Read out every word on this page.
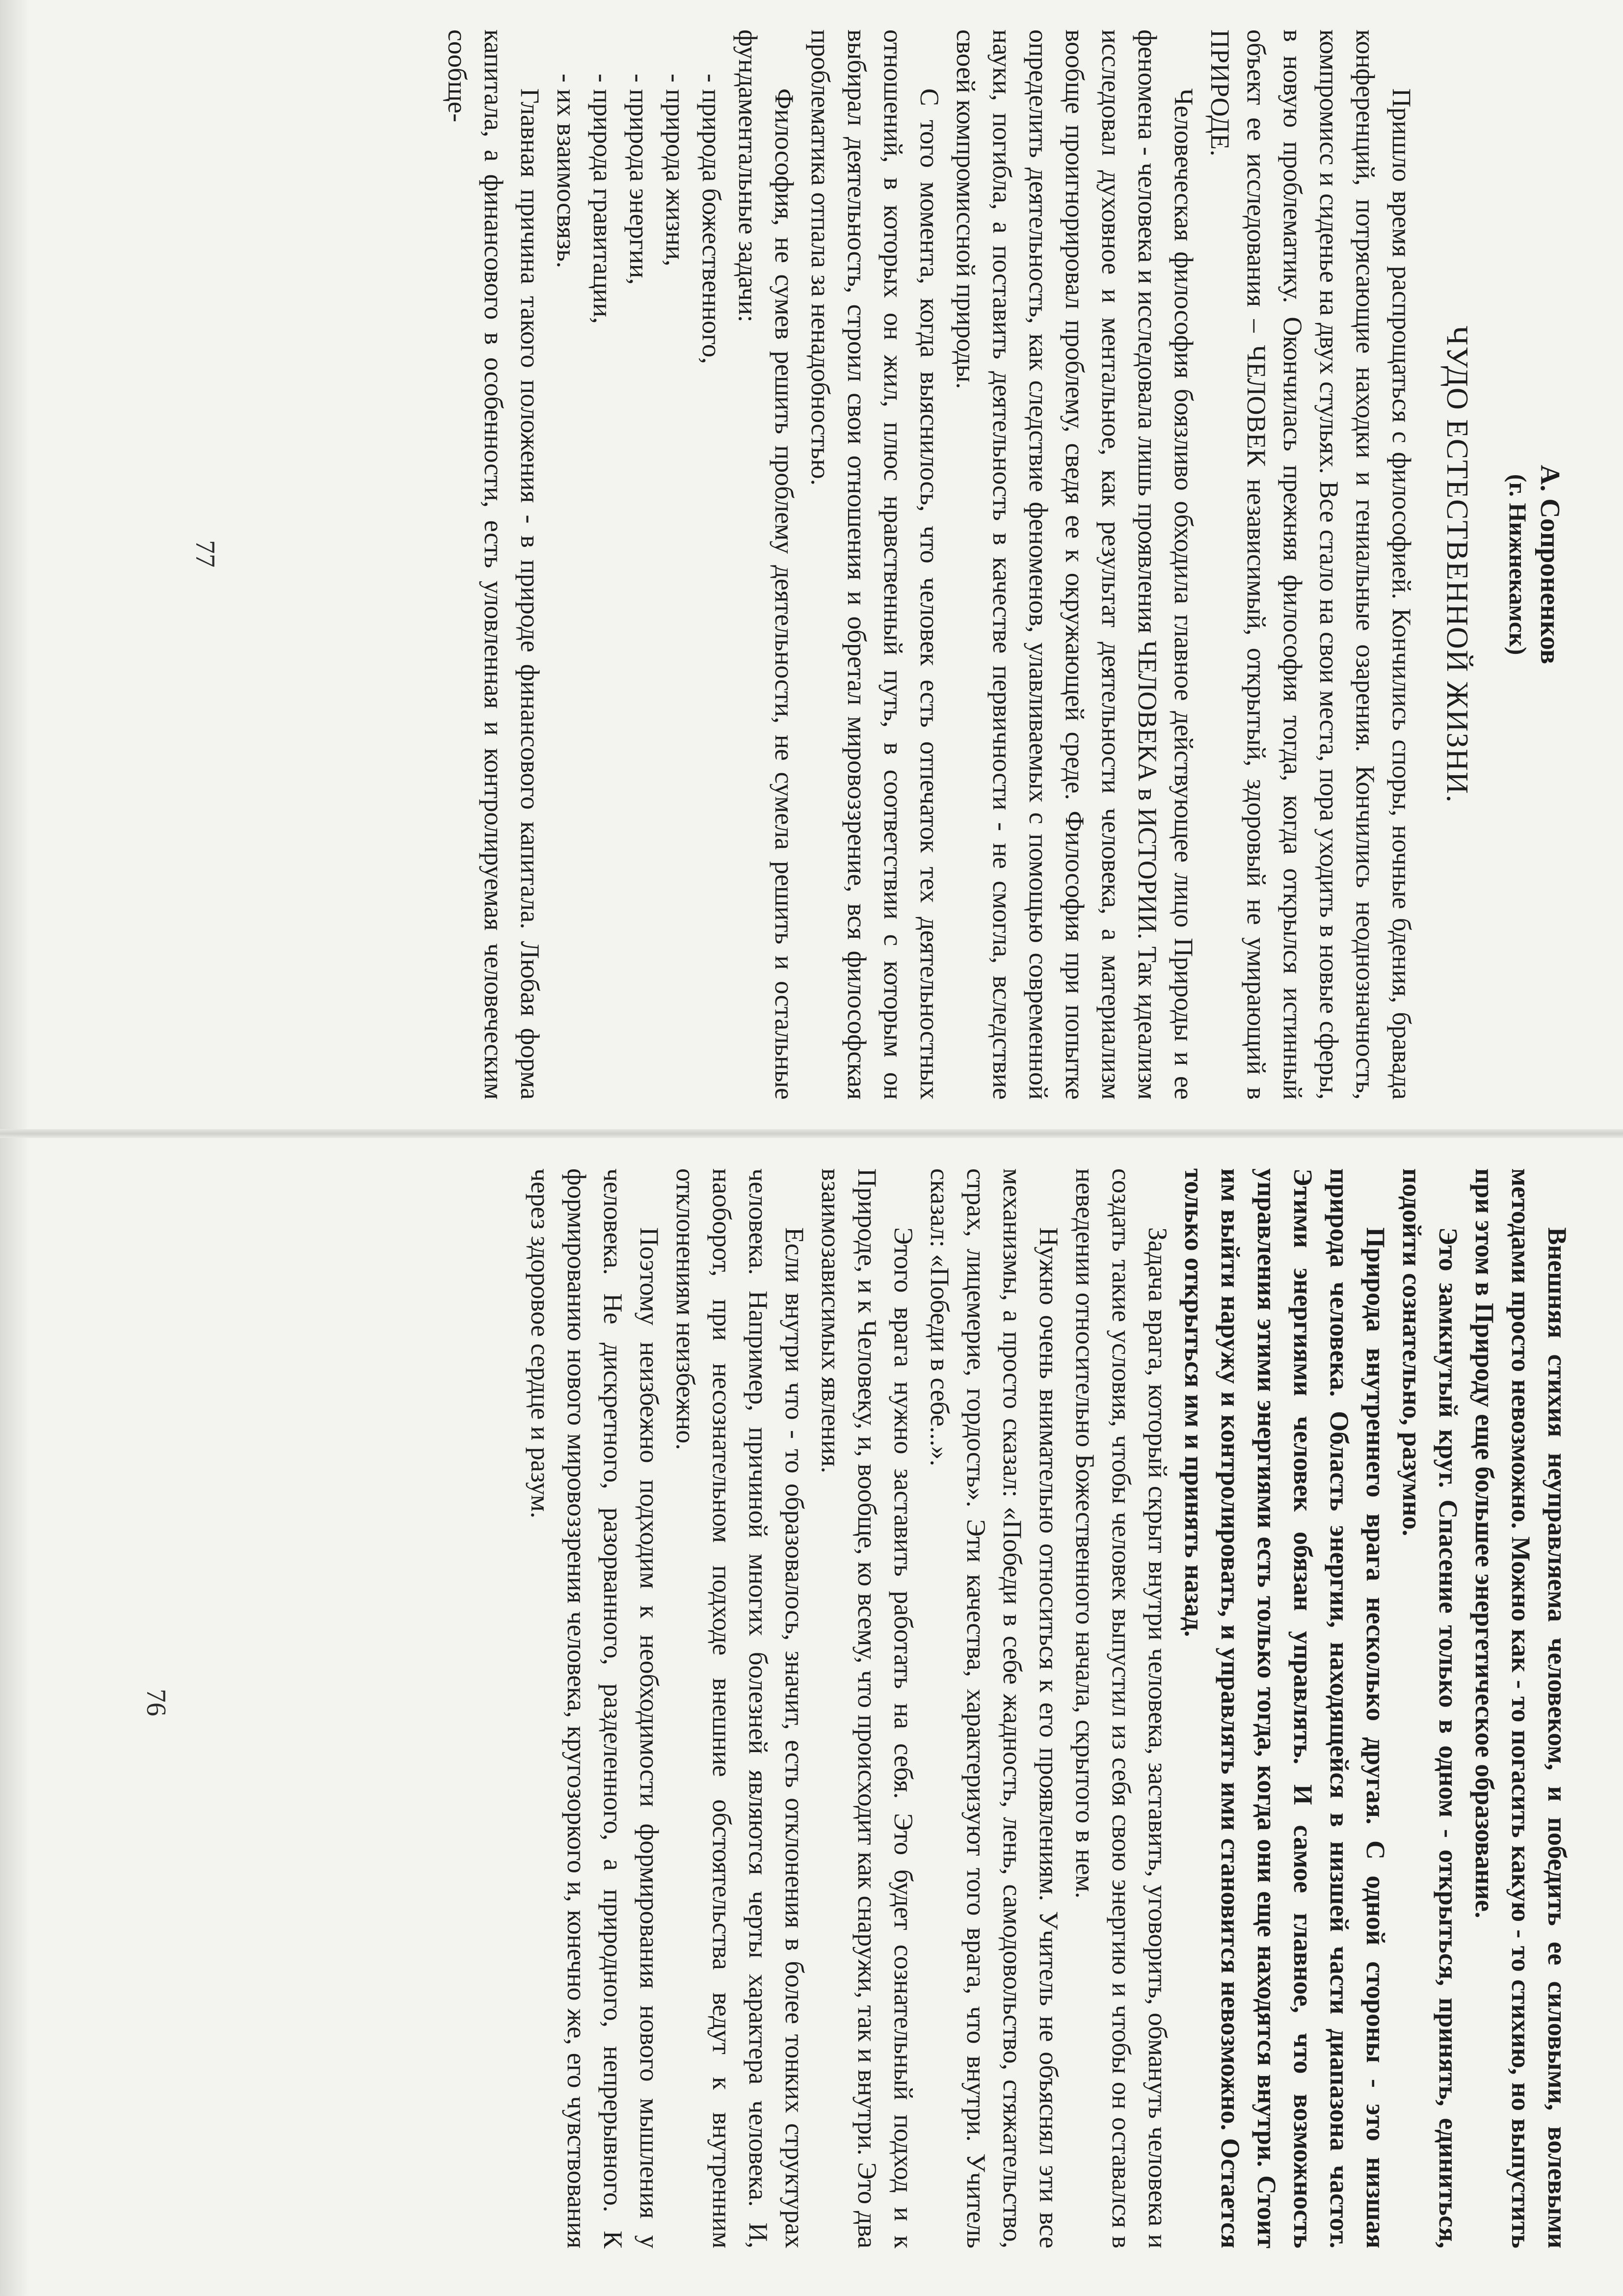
А. Сопроненков

(г. Нижнекамск)

ЧУДО ЕСТЕСТВЕННОЙ ЖИЗНИ.

Пришло время распрощаться с философией. Кончились споры, ночные бдения, бравада конференций, потрясающие находки и гениальные озарения. Кончились неоднозначность, компромисс и сиденье на двух стульях. Все стало на свои места, пора уходить в новые сферы, в новую проблематику. Окончилась прежняя философия тогда, когда открылся истинный объект ее исследования – ЧЕЛОВЕК независимый, открытый, здоровый не умирающий в ПРИРОДЕ.

Человеческая философия боязливо обходила главное действующее лицо Природы и ее феномена - человека и исследовала лишь проявления ЧЕЛОВЕКА в ИСТОРИИ. Так идеализм исследовал духовное и ментальное, как результат деятельности человека, а материализм вообще проигнорировал проблему, сведя ее к окружающей среде. Философия при попытке определить деятельность, как следствие феноменов, улавливаемых с помощью современной науки, погибла, а поставить деятельность в качестве первичности - не смогла, вследствие своей компромиссной природы.

С того момента, когда выяснилось, что человек есть отпечаток тех деятельностных отношений, в которых он жил, плюс нравственный путь, в соответствии с которым он выбирал деятельность, строил свои отношения и обретал мировоззрение, вся философская проблематика отпала за ненадобностью.

Философия, не сумев решить проблему деятельности, не сумела решить и остальные фундаментальные задачи:

- природа божественного,
- природа жизни,
- природа энергии,
- природа гравитации,
- их взаимосвязь.

Главная причина такого положения - в природе финансового капитала. Любая форма капитала, а финансового в особенности, есть уловленная и контролируемая человеческим сообще-

77

Внешняя стихия неуправляема человеком, и победить ее силовыми, волевыми методами просто невозможно. Можно как - то погасить какую - то стихию, но выпустить при этом в Природу еще большее энергетическое образование.

Это замкнутый круг. Спасение только в одном - открыться, принять, единиться, подойти сознательно, разумно.

Природа внутреннего врага несколько другая. С одной стороны - это низшая природа человека. Область энергии, находящейся в низшей части диапазона частот. Этими энергиями человек обязан управлять. И самое главное, что возможность управления этими энергиями есть только тогда, когда они еще находятся внутри. Стоит им выйти наружу и контролировать, и управлять ими становится невозможно. Остается только открыться им и принять назад.

Задача врага, который скрыт внутри человека, заставить, уговорить, обмануть человека и создать такие условия, чтобы человек выпустил из себя свою энергию и чтобы он оставался в неведении относительно Божественного начала, скрытого в нем.

Нужно очень внимательно относиться к его проявлениям. Учитель не объяснял эти все механизмы, а просто сказал: «Победи в себе жадность, лень, самодовольство, стяжательство, страх, лицемерие, гордость». Эти качества, характеризуют того врага, что внутри. Учитель сказал: «Победи в себе...».

Этого врага нужно заставить работать на себя. Это будет сознательный подход и к Природе, и к Человеку, и, вообще, ко всему, что происходит как снаружи, так и внутри. Это два взаимозависимых явления.

Если внутри что - то образовалось, значит, есть отклонения в более тонких структурах человека. Например, причиной многих болезней являются черты характера человека. И, наоборот, при несознательном подходе внешние обстоятельства ведут к внутренним отклонениям неизбежно.

Поэтому неизбежно подходим к необходимости формирования нового мышления у человека. Не дискретного, разорванного, разделенного, а природного, непрерывного. К формированию нового мировоззрения человека, кругозоркого и, конечно же, его чувствования через здоровое сердце и разум.

76
